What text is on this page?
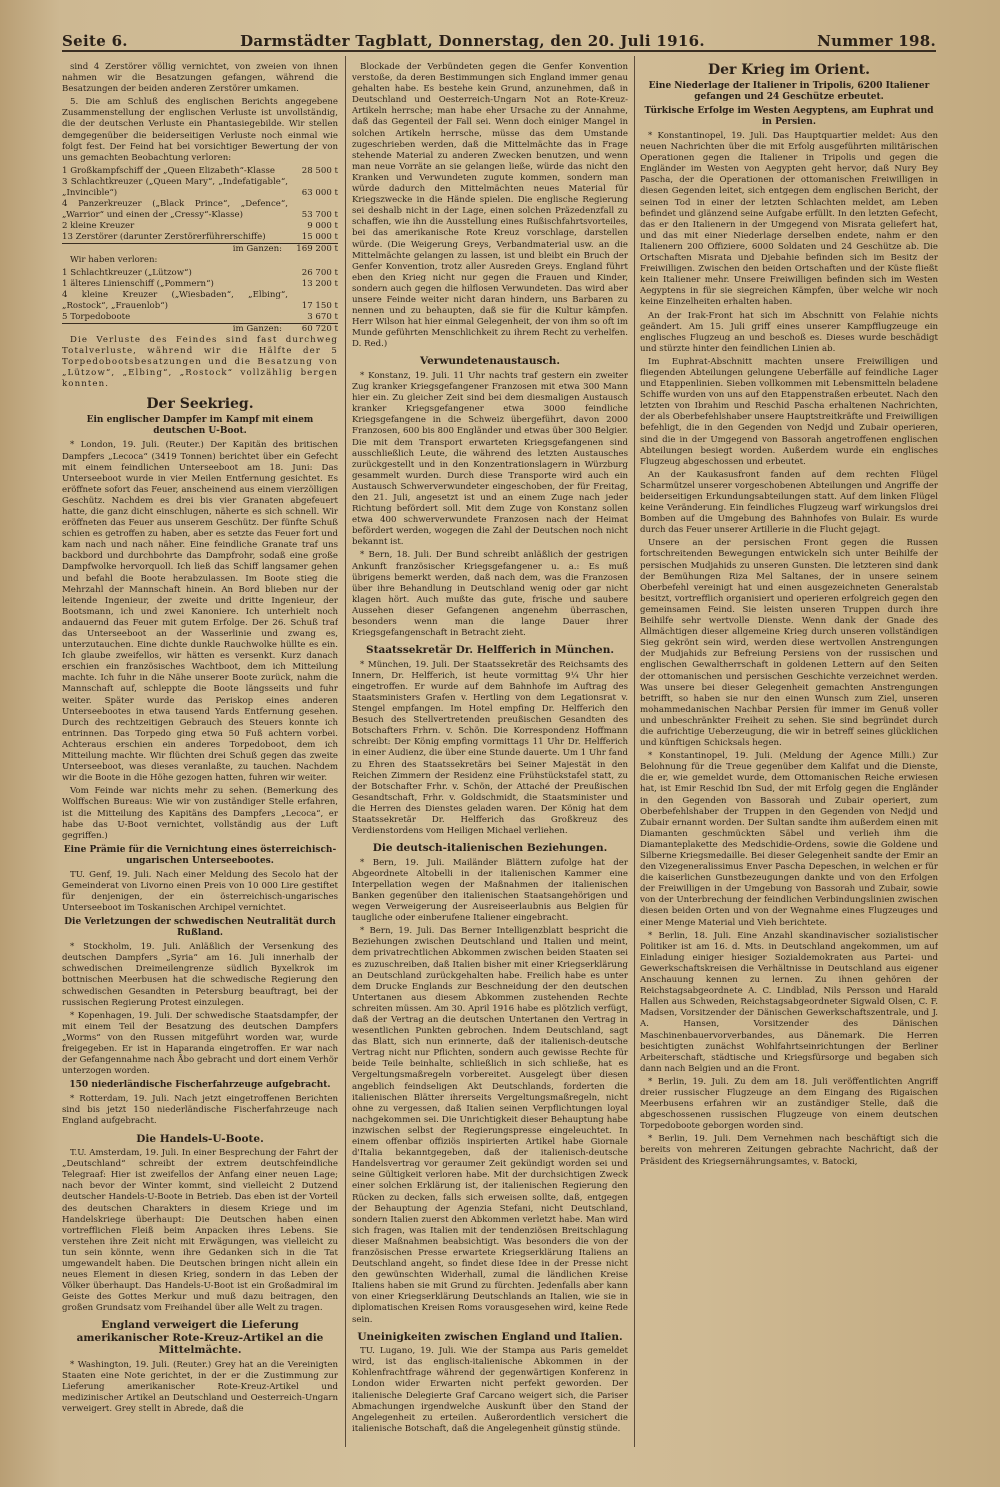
Seite 6.	Darmstädter Tagblatt, Donnerstag, den 20. Juli 1916.	Nummer 198.

sind 4 Zerstörer völlig vernichtet, von zweien von ihnen nahmen wir die Besatzungen gefangen, während die Besatzungen der beiden anderen Zerstörer umkamen.

5. Die am Schluß des englischen Berichts angegebene Zusammenstellung der englischen Verluste ist unvollständig, die der deutschen Verluste ein Phantasiegebilde. Wir stellen demgegenüber die beiderseitigen Verluste noch einmal wie folgt fest. Der Feind hat bei vorsichtiger Bewertung der von uns gemachten Beobachtung verloren:

1 Großkampfschiff der „Queen Elizabeth“-Klasse	28 500 t
3 Schlachtkreuzer („Queen Mary“, „Indefatigable“, „Invincible“)	63 000 t
4 Panzerkreuzer („Black Prince“, „Defence“, „Warrior“ und einen der „Cressy“-Klasse)	53 700 t
2 kleine Kreuzer	9 000 t
13 Zerstörer (darunter Zerstörerführerschiffe)	15 000 t
im Ganzen:	169 200 t

Wir haben verloren:

1 Schlachtkreuzer („Lützow“)	26 700 t
1 älteres Linienschiff („Pommern“)	13 200 t
4 kleine Kreuzer („Wiesbaden“, „Elbing“, „Rostock“, „Frauenlob“)	17 150 t
5 Torpedoboote	3 670 t
im Ganzen:	60 720 t

Die Verluste des Feindes sind fast durchweg Totalverluste, während wir die Hälfte der 5 Torpedobootsbesatzungen und die Besatzung von „Lützow“, „Elbing“, „Rostock“ vollzählig bergen konnten.

Der Seekrieg.
Ein englischer Dampfer im Kampf mit einem deutschen U-Boot.

* London, 19. Juli. (Reuter.) Der Kapitän des britischen Dampfers „Lecoca“ (3419 Tonnen) berichtet über ein Gefecht mit einem feindlichen Unterseeboot am 18. Juni: Das Unterseeboot wurde in vier Meilen Entfernung gesichtet. Es eröffnete sofort das Feuer, anscheinend aus einem vierzölligen Geschütz. Nachdem es drei bis vier Granaten abgefeuert hatte, die ganz dicht einschlugen, näherte es sich schnell. Wir eröffneten das Feuer aus unserem Geschütz. Der fünfte Schuß schien es getroffen zu haben, aber es setzte das Feuer fort und kam nach und nach näher. Eine feindliche Granate traf uns backbord und durchbohrte das Dampfrohr, sodaß eine große Dampfwolke hervorquoll. Ich ließ das Schiff langsamer gehen und befahl die Boote herabzulassen. Im Boote stieg die Mehrzahl der Mannschaft hinein. An Bord blieben nur der leitende Ingenieur, der zweite und dritte Ingenieur, der Bootsmann, ich und zwei Kanoniere. Ich unterhielt noch andauernd das Feuer mit gutem Erfolge. Der 26. Schuß traf das Unterseeboot an der Wasserlinie und zwang es, unterzutauchen. Eine dichte dunkle Rauchwolke hüllte es ein. Ich glaube zweifellos, wir hätten es versenkt. Kurz danach erschien ein französisches Wachtboot, dem ich Mitteilung machte. Ich fuhr in die Nähe unserer Boote zurück, nahm die Mannschaft auf, schleppte die Boote längsseits und fuhr weiter. Später wurde das Periskop eines anderen Unterseebootes in etwa tausend Yards Entfernung gesehen. Durch des rechtzeitigen Gebrauch des Steuers konnte ich entrinnen. Das Torpedo ging etwa 50 Fuß achtern vorbei. Achteraus erschien ein anderes Torpedoboot, dem ich Mitteilung machte. Wir flüchten drei Schuß gegen das zweite Unterseeboot, was dieses veranlaßte, zu tauchen. Nachdem wir die Boote in die Höhe gezogen hatten, fuhren wir weiter.

Vom Feinde war nichts mehr zu sehen. (Bemerkung des Wolffschen Bureaus: Wie wir von zuständiger Stelle erfahren, ist die Mitteilung des Kapitäns des Dampfers „Lecoca“, er habe das U-Boot vernichtet, vollständig aus der Luft gegriffen.)

Eine Prämie für die Vernichtung eines österreichisch-ungarischen Unterseebootes.

TU. Genf, 19. Juli. Nach einer Meldung des Secolo hat der Gemeinderat von Livorno einen Preis von 10 000 Lire gestiftet für denjenigen, der ein österreichisch-ungarisches Unterseeboot im Toskanischen Archipel vernichtet.

Die Verletzungen der schwedischen Neutralität durch Rußland.

* Stockholm, 19. Juli. Anläßlich der Versenkung des deutschen Dampfers „Syria“ am 16. Juli innerhalb der schwedischen Dreimeilengrenze südlich Byxelkrok im bottnischen Meerbusen hat die schwedische Regierung den schwedischen Gesandten in Petersburg beauftragt, bei der russischen Regierung Protest einzulegen.

* Kopenhagen, 19. Juli. Der schwedische Staatsdampfer, der mit einem Teil der Besatzung des deutschen Dampfers „Worms“ von den Russen mitgeführt worden war, wurde freigegeben. Er ist in Haparanda eingetroffen. Er war nach der Gefangennahme nach Åbo gebracht und dort einem Verhör unterzogen worden.

150 niederländische Fischerfahrzeuge aufgebracht.

* Rotterdam, 19. Juli. Nach jetzt eingetroffenen Berichten sind bis jetzt 150 niederländische Fischerfahrzeuge nach England aufgebracht.

Die Handels-U-Boote.

T.U. Amsterdam, 19. Juli. In einer Besprechung der Fahrt der „Deutschland“ schreibt der extrem deutschfeindliche Telegraaf: Hier ist zweifellos der Anfang einer neuen Lage; nach bevor der Winter kommt, sind vielleicht 2 Dutzend deutscher Handels-U-Boote in Betrieb. Das eben ist der Vorteil des deutschen Charakters in diesem Kriege und im Handelskriege überhaupt: Die Deutschen haben einen vortrefflichen Fleiß beim Anpacken ihres Lebens. Sie verstehen ihre Zeit nicht mit Erwägungen, was vielleicht zu tun sein könnte, wenn ihre Gedanken sich in die Tat umgewandelt haben. Die Deutschen bringen nicht allein ein neues Element in diesen Krieg, sondern in das Leben der Völker überhaupt. Das Handels-U-Boot ist ein Großadmiral im Geiste des Gottes Merkur und muß dazu beitragen, den großen Grundsatz vom Freihandel über alle Welt zu tragen.

England verweigert die Lieferung amerikanischer Rote-Kreuz-Artikel an die Mittelmächte.

* Washington, 19. Juli. (Reuter.) Grey hat an die Vereinigten Staaten eine Note gerichtet, in der er die Zustimmung zur Lieferung amerikanischer Rote-Kreuz-Artikel und medizinischer Artikel an Deutschland und Oesterreich-Ungarn verweigert. Grey stellt in Abrede, daß die

Blockade der Verbündeten gegen die Genfer Konvention verstoße, da deren Bestimmungen sich England immer genau gehalten habe. Es bestehe kein Grund, anzunehmen, daß in Deutschland und Oesterreich-Ungarn Not an Rote-Kreuz-Artikeln herrsche; man habe eher Ursache zu der Annahme, daß das Gegenteil der Fall sei. Wenn doch einiger Mangel in solchen Artikeln herrsche, müsse das dem Umstande zugeschrieben werden, daß die Mittelmächte das in Frage stehende Material zu anderen Zwecken benutzen, und wenn man neue Vorräte an sie gelangen ließe, würde das nicht den Kranken und Verwundeten zugute kommen, sondern man würde dadurch den Mittelmächten neues Material für Kriegszwecke in die Hände spielen. Die englische Regierung sei deshalb nicht in der Lage, einen solchen Präzedenzfall zu schaffen, wie ihn die Ausstellung eines Rußischfahrtsvorteiles, bei das amerikanische Rote Kreuz vorschlage, darstellen würde. (Die Weigerung Greys, Verbandmaterial usw. an die Mittelmächte gelangen zu lassen, ist und bleibt ein Bruch der Genfer Konvention, trotz aller Ausreden Greys. England führt eben den Krieg nicht nur gegen die Frauen und Kinder, sondern auch gegen die hilflosen Verwundeten. Das wird aber unsere Feinde weiter nicht daran hindern, uns Barbaren zu nennen und zu behaupten, daß sie für die Kultur kämpfen. Herr Wilson hat hier einmal Gelegenheit, der von ihm so oft im Munde geführten Menschlichkeit zu ihrem Recht zu verhelfen. D. Red.)

Verwundetenaustausch.

* Konstanz, 19. Juli. 11 Uhr nachts traf gestern ein zweiter Zug kranker Kriegsgefangener Franzosen mit etwa 300 Mann hier ein. Zu gleicher Zeit sind bei dem diesmaligen Austausch kranker Kriegsgefangener etwa 3000 feindliche Kriegsgefangene in die Schweiz übergeführt, davon 2000 Franzosen, 600 bis 800 Engländer und etwas über 300 Belgier. Die mit dem Transport erwarteten Kriegsgefangenen sind ausschließlich Leute, die während des letzten Austausches zurückgestellt und in den Konzentrationslagern in Würzburg gesammelt wurden. Durch diese Transporte wird auch ein Austausch Schwerverwundeter eingeschoben, der für Freitag, den 21. Juli, angesetzt ist und an einem Zuge nach jeder Richtung befördert soll. Mit dem Zuge von Konstanz sollen etwa 400 schwerverwundete Franzosen nach der Heimat befördert werden, wogegen die Zahl der Deutschen noch nicht bekannt ist.

* Bern, 18. Juli. Der Bund schreibt anläßlich der gestrigen Ankunft französischer Kriegsgefangener u. a.: Es muß übrigens bemerkt werden, daß nach dem, was die Franzosen über ihre Behandlung in Deutschland wenig oder gar nicht klagen hört. Auch mußte das gute, frische und saubere Aussehen dieser Gefangenen angenehm überraschen, besonders wenn man die lange Dauer ihrer Kriegsgefangenschaft in Betracht zieht.

Staatssekretär Dr. Helfferich in München.

* München, 19. Juli. Der Staatssekretär des Reichsamts des Innern, Dr. Helfferich, ist heute vormittag 9¼ Uhr hier eingetroffen. Er wurde auf dem Bahnhofe im Auftrag des Staatsministers Grafen v. Hertling von dem Legationsrat v. Stengel empfangen. Im Hotel empfing Dr. Helfferich den Besuch des Stellvertretenden preußischen Gesandten des Botschafters Frhrn. v. Schön. Die Korrespondenz Hoffmann schreibt: Der König empfing vormittags 11 Uhr Dr. Helfferich in einer Audienz, die über eine Stunde dauerte. Um 1 Uhr fand zu Ehren des Staatssekretärs bei Seiner Majestät in den Reichen Zimmern der Residenz eine Frühstückstafel statt, zu der Botschafter Frhr. v. Schön, der Attaché der Preußischen Gesandtschaft, Frhr. v. Goldschmidt, die Staatsminister und die Herren des Dienstes geladen waren. Der König hat dem Staatssekretär Dr. Helfferich das Großkreuz des Verdienstordens vom Heiligen Michael verliehen.

Die deutsch-italienischen Beziehungen.

* Bern, 19. Juli. Mailänder Blättern zufolge hat der Abgeordnete Altobelli in der italienischen Kammer eine Interpellation wegen der Maßnahmen der italienischen Banken gegenüber den italienischen Staatsangehörigen und wegen Verweigerung der Ausreiseerlaubnis aus Belgien für taugliche oder einberufene Italiener eingebracht.

* Bern, 19. Juli. Das Berner Intelligenzblatt bespricht die Beziehungen zwischen Deutschland und Italien und meint, dem privatrechtlichen Abkommen zwischen beiden Staaten sei es zuzuschreiben, daß Italien bisher mit einer Kriegserklärung an Deutschland zurückgehalten habe. Freilich habe es unter dem Drucke Englands zur Beschneidung der den deutschen Untertanen aus diesem Abkommen zustehenden Rechte schreiten müssen. Am 30. April 1916 habe es plötzlich verfügt, daß der Vertrag an die deutschen Untertanen den Vertrag in wesentlichen Punkten gebrochen. Indem Deutschland, sagt das Blatt, sich nun erinnerte, daß der italienisch-deutsche Vertrag nicht nur Pflichten, sondern auch gewisse Rechte für beide Teile beinhalte, schließlich in sich schließe, hat es Vergeltungsmaßregeln vorbereitet. Ausgelegt über diesen angeblich feindseligen Akt Deutschlands, forderten die italienischen Blätter ihrerseits Vergeltungsmaßregeln, nicht ohne zu vergessen, daß Italien seinen Verpflichtungen loyal nachgekommen sei. Die Unrichtigkeit dieser Behauptung habe inzwischen selbst der Regierungspresse eingeleuchtet. In einem offenbar offiziös inspirierten Artikel habe Giornale d'Italia bekanntgegeben, daß der italienisch-deutsche Handelsvertrag vor geraumer Zeit gekündigt worden sei und seine Gültigkeit verloren habe. Mit der durchsichtigen Zweck einer solchen Erklärung ist, der italienischen Regierung den Rücken zu decken, falls sich erweisen sollte, daß, entgegen der Behauptung der Agenzia Stefani, nicht Deutschland, sondern Italien zuerst den Abkommen verletzt habe. Man wird sich fragen, was Italien mit der tendenziösen Breitschlagung dieser Maßnahmen beabsichtigt. Was besonders die von der französischen Presse erwartete Kriegserklärung Italiens an Deutschland angeht, so findet diese Idee in der Presse nicht den gewünschten Widerhall, zumal die ländlichen Kreise Italiens haben sie mit Grund zu fürchten. Jedenfalls aber kann von einer Kriegserklärung Deutschlands an Italien, wie sie in diplomatischen Kreisen Roms vorausgesehen wird, keine Rede sein.

Uneinigkeiten zwischen England und Italien.

TU. Lugano, 19. Juli. Wie der Stampa aus Paris gemeldet wird, ist das englisch-italienische Abkommen in der Kohlenfrachtfrage während der gegenwärtigen Konferenz in London wider Erwarten nicht perfekt geworden. Der italienische Delegierte Graf Carcano weigert sich, die Pariser Abmachungen irgendwelche Auskunft über den Stand der Angelegenheit zu erteilen. Außerordentlich versichert die italienische Botschaft, daß die Angelegenheit günstig stünde.

Der Krieg im Orient.
Eine Niederlage der Italiener in Tripolis, 6200 Italiener gefangen und 24 Geschütze erbeutet.
Türkische Erfolge im Westen Aegyptens, am Euphrat und in Persien.

* Konstantinopel, 19. Juli. Das Hauptquartier meldet: Aus den neuen Nachrichten über die mit Erfolg ausgeführten militärischen Operationen gegen die Italiener in Tripolis und gegen die Engländer im Westen von Aegypten geht hervor, daß Nury Bey Pascha, der die Operationen der ottomanischen Freiwilligen in diesen Gegenden leitet, sich entgegen dem englischen Bericht, der seinen Tod in einer der letzten Schlachten meldet, am Leben befindet und glänzend seine Aufgabe erfüllt. In den letzten Gefecht, das er den Italienern in der Umgegend von Misrata geliefert hat, und das mit einer Niederlage derselben endete, nahm er den Italienern 200 Offiziere, 6000 Soldaten und 24 Geschütze ab. Die Ortschaften Misrata und Djebahie befinden sich im Besitz der Freiwilligen. Zwischen den beiden Ortschaften und der Küste fließt kein Italiener mehr. Unsere Freiwilligen befinden sich im Westen Aegyptens in für sie siegreichen Kämpfen, über welche wir noch keine Einzelheiten erhalten haben.

An der Irak-Front hat sich im Abschnitt von Felahie nichts geändert. Am 15. Juli griff eines unserer Kampfflugzeuge ein englisches Flugzeug an und beschoß es. Dieses wurde beschädigt und stürzte hinter den feindlichen Linien ab.

Im Euphrat-Abschnitt machten unsere Freiwilligen und fliegenden Abteilungen gelungene Ueberfälle auf feindliche Lager und Etappenlinien. Sieben vollkommen mit Lebensmitteln beladene Schiffe wurden von uns auf den Etappenstraßen erbeutet. Nach den letzten von Ibrahim und Reschid Pascha erhaltenen Nachrichten, der als Oberbefehlshaber unsere Hauptstreitkräfte und Freiwilligen befehligt, die in den Gegenden von Nedjd und Zubair operieren, sind die in der Umgegend von Bassorah angetroffenen englischen Abteilungen besiegt worden. Außerdem wurde ein englisches Flugzeug abgeschossen und erbeutet.

An der Kaukasusfront fanden auf dem rechten Flügel Scharmützel unserer vorgeschobenen Abteilungen und Angriffe der beiderseitigen Erkundungsabteilungen statt. Auf dem linken Flügel keine Veränderung. Ein feindliches Flugzeug warf wirkungslos drei Bomben auf die Umgebung des Bahnhofes von Bulair. Es wurde durch das Feuer unserer Artillerie in die Flucht gejagt.

Unsere an der persischen Front gegen die Russen fortschreitenden Bewegungen entwickeln sich unter Beihilfe der persischen Mudjahids zu unseren Gunsten. Die letzteren sind dank der Bemühungen Riza Mel Saltanes, der in unsere seinem Oberbefehl vereinigt hat und einen ausgezeichneten Generalstab besitzt, vortrefflich organisiert und operieren erfolgreich gegen den gemeinsamen Feind. Sie leisten unseren Truppen durch ihre Beihilfe sehr wertvolle Dienste. Wenn dank der Gnade des Allmächtigen dieser allgemeine Krieg durch unseren vollständigen Sieg gekrönt sein wird, werden diese wertvollen Anstrengungen der Mudjahids zur Befreiung Persiens von der russischen und englischen Gewaltherrschaft in goldenen Lettern auf den Seiten der ottomanischen und persischen Geschichte verzeichnet werden. Was unsere bei dieser Gelegenheit gemachten Anstrengungen betrifft, so haben sie nur den einen Wunsch zum Ziel, unseren mohammedanischen Nachbar Persien für immer im Genuß voller und unbeschränkter Freiheit zu sehen. Sie sind begründet durch die aufrichtige Ueberzeugung, die wir in betreff seines glücklichen und künftigen Schicksals hegen.

* Konstantinopel, 19. Juli. (Meldung der Agence Milli.) Zur Belohnung für die Treue gegenüber dem Kalifat und die Dienste, die er, wie gemeldet wurde, dem Ottomanischen Reiche erwiesen hat, ist Emir Reschid Ibn Sud, der mit Erfolg gegen die Engländer in den Gegenden von Bassorah und Zubair operiert, zum Oberbefehlshaber der Truppen in den Gegenden von Nedjd und Zubair ernannt worden. Der Sultan sandte ihm außerdem einen mit Diamanten geschmückten Säbel und verlieh ihm die Diamanteplakette des Medschidie-Ordens, sowie die Goldene und Silberne Kriegsmedaille. Bei dieser Gelegenheit sandte der Emir an den Vizegeneralissimus Enver Pascha Depeschen, in welchen er für die kaiserlichen Gunstbezeugungen dankte und von den Erfolgen der Freiwilligen in der Umgebung von Bassorah und Zubair, sowie von der Unterbrechung der feindlichen Verbindungslinien zwischen diesen beiden Orten und von der Wegnahme eines Flugzeuges und einer Menge Material und Vieh berichtete.

* Berlin, 18. Juli. Eine Anzahl skandinavischer sozialistischer Politiker ist am 16. d. Mts. in Deutschland angekommen, um auf Einladung einiger hiesiger Sozialdemokraten aus Partei- und Gewerkschaftskreisen die Verhältnisse in Deutschland aus eigener Anschauung kennen zu lernen. Zu ihnen gehören der Reichstagsabgeordnete A. C. Lindblad, Nils Persson und Harald Hallen aus Schweden, Reichstagsabgeordneter Sigwald Olsen, C. F. Madsen, Vorsitzender der Dänischen Gewerkschaftszentrale, und J. A. Hansen, Vorsitzender des Dänischen Maschinenbauervorverbandes, aus Dänemark. Die Herren besichtigten zunächst Wohlfahrtseinrichtungen der Berliner Arbeiterschaft, städtische und Kriegsfürsorge und begaben sich dann nach Belgien und an die Front.

* Berlin, 19. Juli. Zu dem am 18. Juli veröffentlichten Angriff dreier russischer Flugzeuge an dem Eingang des Rigaischen Meerbusens erfahren wir an zuständiger Stelle, daß die abgeschossenen russischen Flugzeuge von einem deutschen Torpedoboote geborgen worden sind.

* Berlin, 19. Juli. Dem Vernehmen nach beschäftigt sich die bereits von mehreren Zeitungen gebrachte Nachricht, daß der Präsident des Kriegsernährungsamtes, v. Batocki,
